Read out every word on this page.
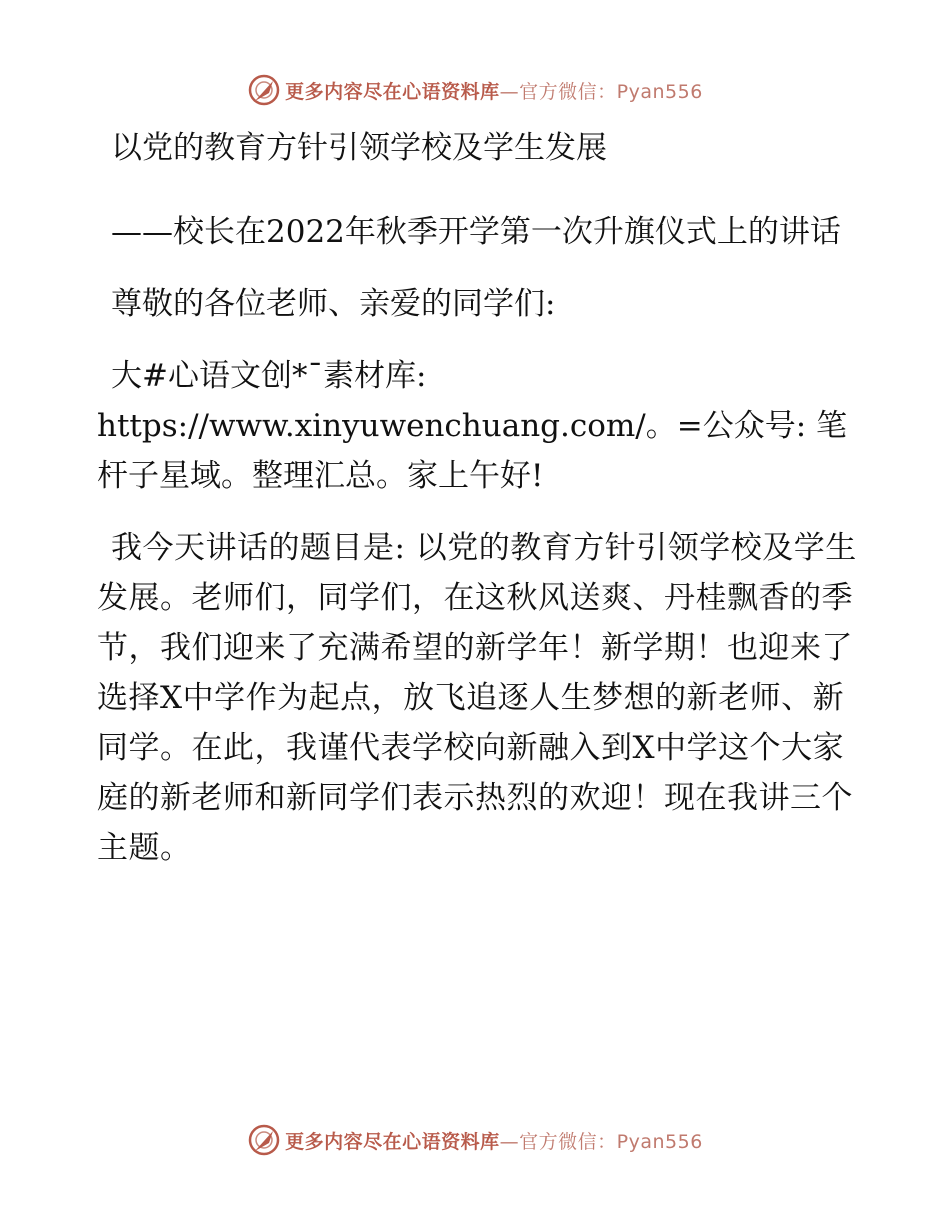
更多内容尽在心语资料库 —官方微信：Pyan556

以党的教育方针引领学校及学生发展

——校长在2022年秋季开学第一次升旗仪式上的讲话

尊敬的各位老师、亲爱的同学们:

大#心语文创*¯素材库: https://www.xinyuwenchuang.com/。=公众号: 笔杆子星域。整理汇总。家上午好!

我今天讲话的题目是: 以党的教育方针引领学校及学生发展。老师们，同学们，在这秋风送爽、丹桂飘香的季节，我们迎来了充满希望的新学年！新学期！也迎来了选择X中学作为起点，放飞追逐人生梦想的新老师、新同学。在此，我谨代表学校向新融入到X中学这个大家庭的新老师和新同学们表示热烈的欢迎！现在我讲三个主题。

更多内容尽在心语资料库 —官方微信：Pyan556
